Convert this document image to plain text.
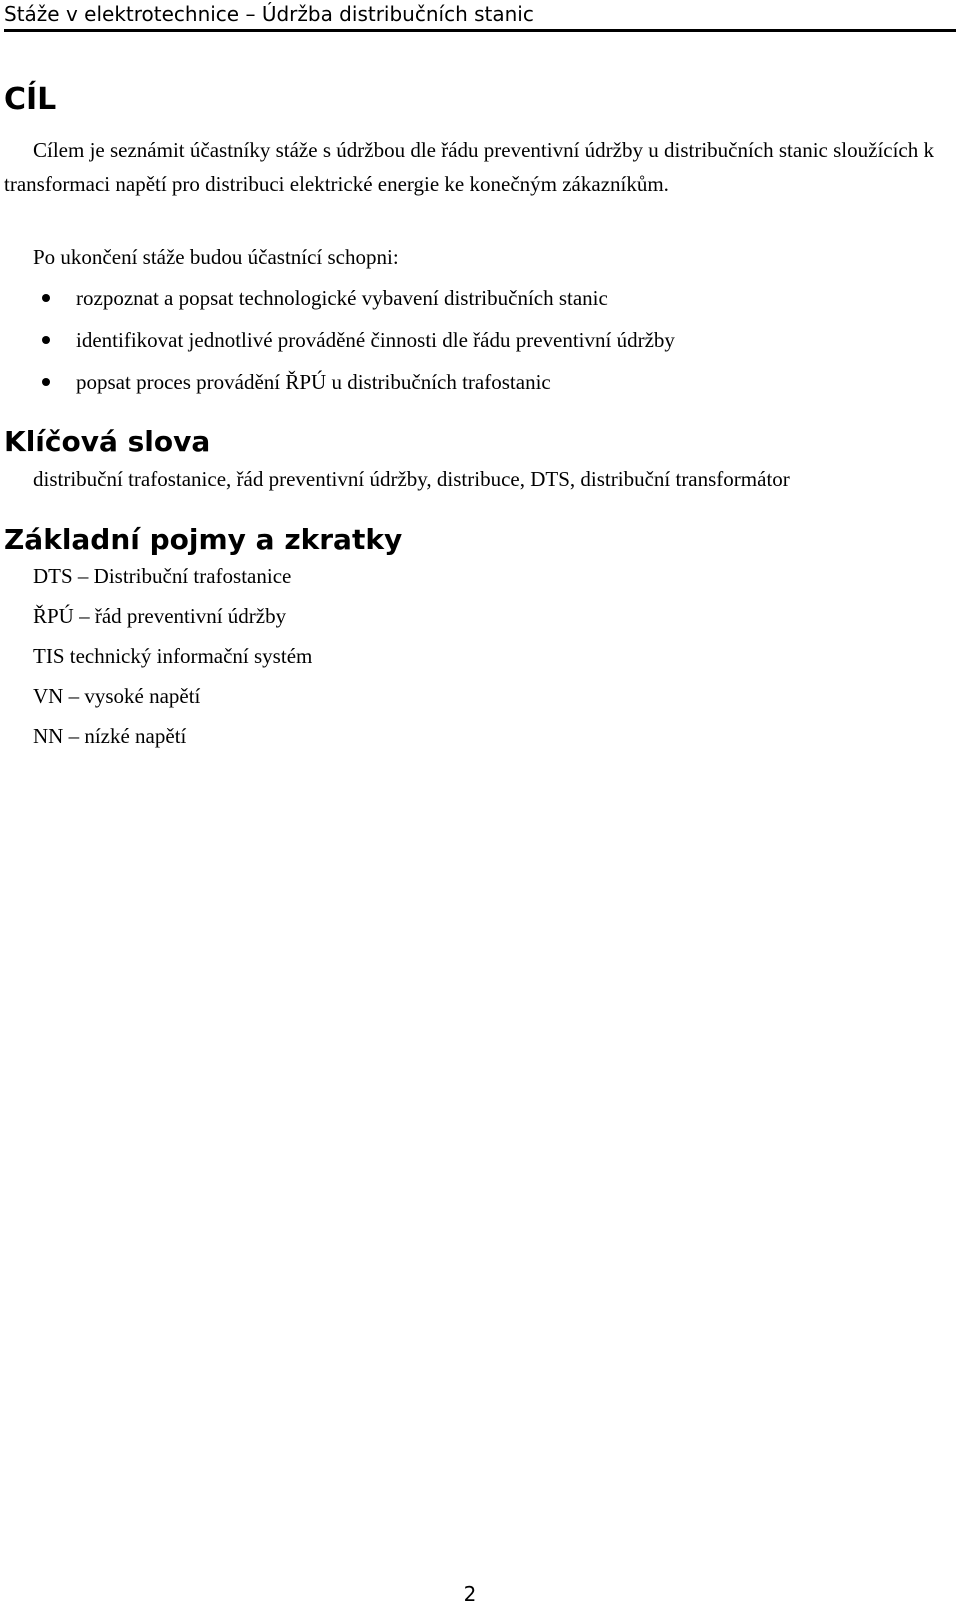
Stáže v elektrotechnice – Údržba distribučních stanic
CÍL

Cílem je seznámit účastníky stáže s údržbou dle řádu preventivní údržby u distribučních stanic sloužících k transformaci napětí pro distribuci elektrické energie ke konečným zákazníkům.

Po ukončení stáže budou účastnící schopni:

rozpoznat a popsat technologické vybavení distribučních stanic
identifikovat jednotlivé prováděné činnosti dle řádu preventivní údržby
popsat proces provádění ŘPÚ u distribučních trafostanic
Klíčová slova

distribuční trafostanice, řád preventivní údržby, distribuce, DTS, distribuční transformátor

Základní pojmy a zkratky
DTS – Distribuční trafostanice
ŘPÚ – řád preventivní údržby
TIS technický informační systém
VN – vysoké napětí
NN – nízké napětí
2
